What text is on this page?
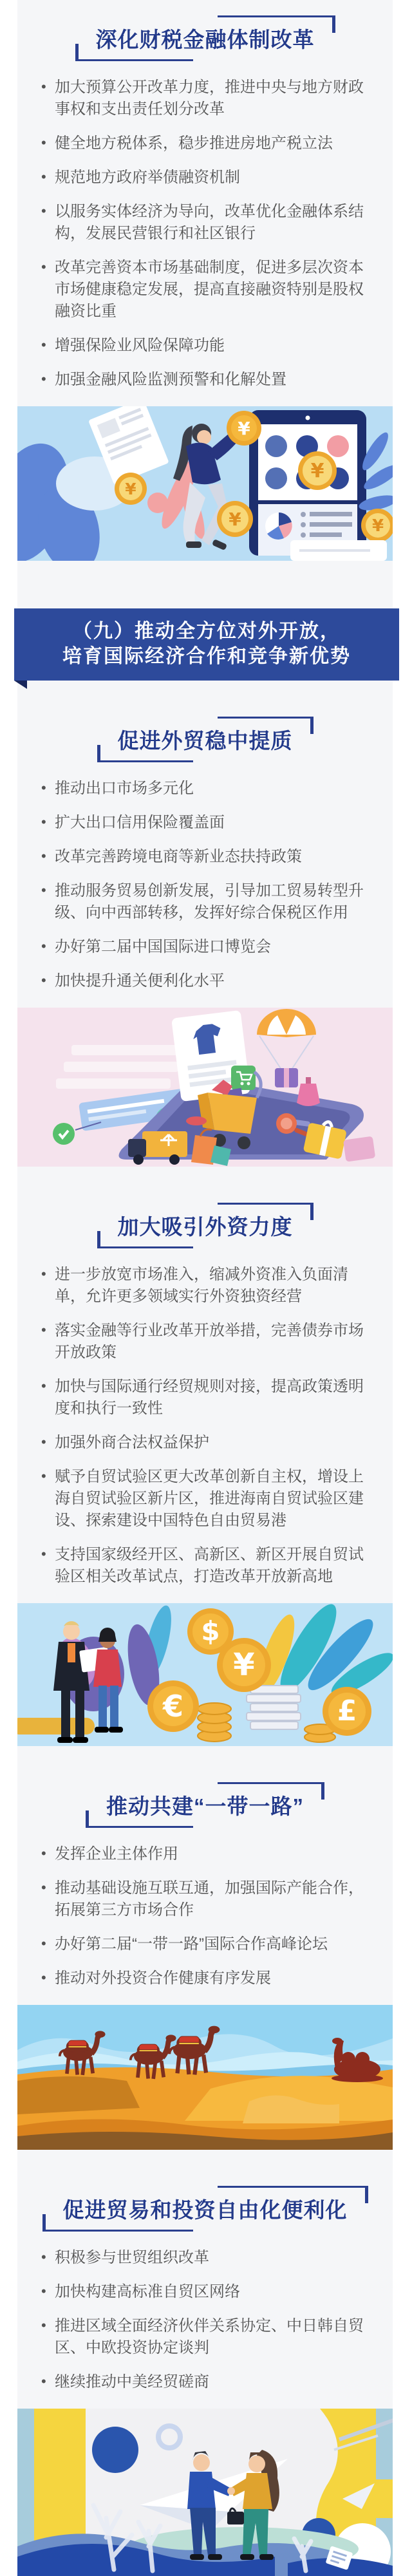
深化财税金融体制改革
• 加大预算公开改革力度，推进中央与地方财政事权和支出责任划分改革
• 健全地方税体系，稳步推进房地产税立法
• 规范地方政府举债融资机制
• 以服务实体经济为导向，改革优化金融体系结构，发展民营银行和社区银行
• 改革完善资本市场基础制度，促进多层次资本市场健康稳定发展，提高直接融资特别是股权融资比重
• 增强保险业风险保障功能
• 加强金融风险监测预警和化解处置
¥
¥
¥	¥
¥
（九）推动全方位对外开放，
培育国际经济合作和竞争新优势
促进外贸稳中提质
• 推动出口市场多元化
• 扩大出口信用保险覆盖面
• 改革完善跨境电商等新业态扶持政策
• 推动服务贸易创新发展，引导加工贸易转型升级、向中西部转移，发挥好综合保税区作用
• 办好第二届中国国际进口博览会
• 加快提升通关便利化水平
加大吸引外资力度
• 进一步放宽市场准入，缩减外资准入负面清单，允许更多领域实行外资独资经营
• 落实金融等行业改革开放举措，完善债券市场开放政策
• 加快与国际通行经贸规则对接，提高政策透明度和执行一致性
• 加强外商合法权益保护
• 赋予自贸试验区更大改革创新自主权，增设上海自贸试验区新片区，推进海南自贸试验区建设、探索建设中国特色自由贸易港
• 支持国家级经开区、高新区、新区开展自贸试验区相关改革试点，打造改革开放新高地
$
€
¥
£
推动共建“一带一路”
• 发挥企业主体作用
• 推动基础设施互联互通，加强国际产能合作，拓展第三方市场合作
• 办好第二届“一带一路”国际合作高峰论坛
• 推动对外投资合作健康有序发展
促进贸易和投资自由化便利化
• 积极参与世贸组织改革
• 加快构建高标准自贸区网络
• 推进区域全面经济伙伴关系协定、中日韩自贸区、中欧投资协定谈判
• 继续推动中美经贸磋商
